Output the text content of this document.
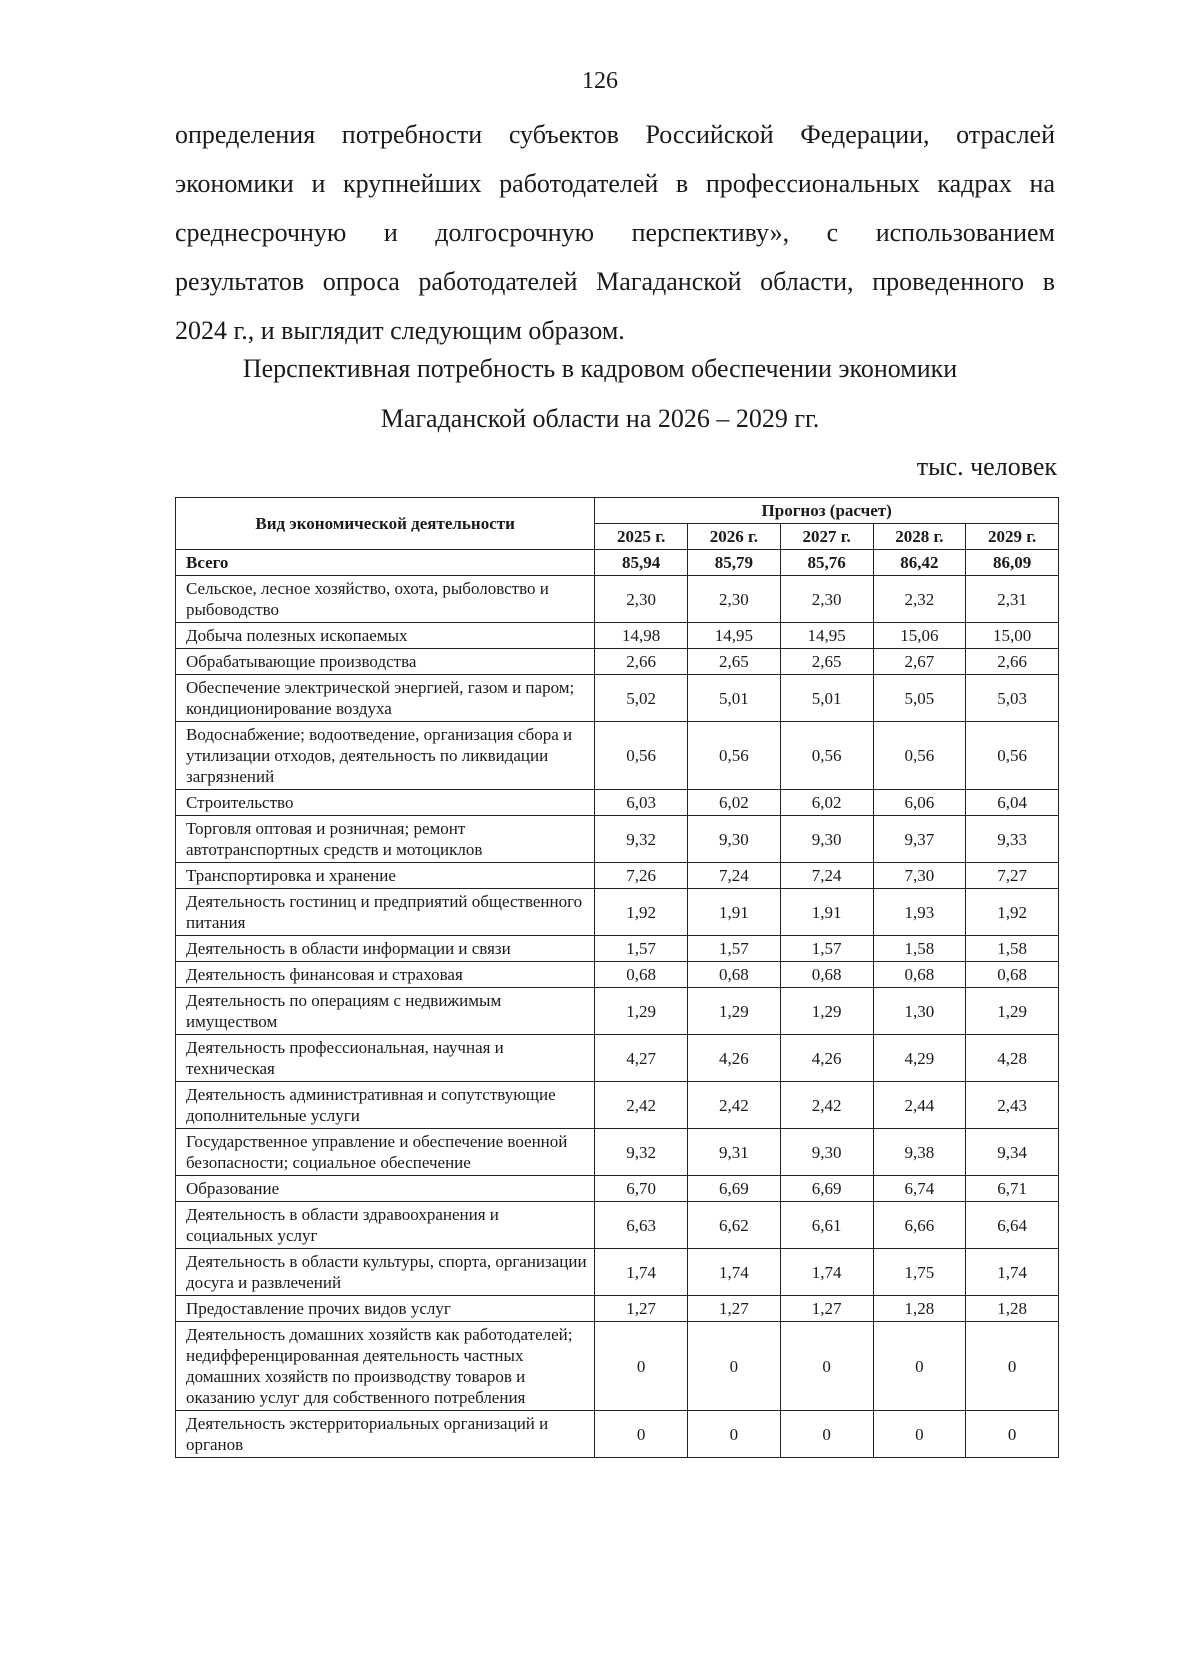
126
определения потребности субъектов Российской Федерации, отраслей
экономики и крупнейших работодателей в профессиональных кадрах на
среднесрочную и долгосрочную перспективу», с использованием
результатов опроса работодателей Магаданской области, проведенного в
2024 г., и выглядит следующим образом.
Перспективная потребность в кадровом обеспечении экономики
Магаданской области на 2026 – 2029 гг.
тыс. человек
Вид экономической деятельности	Прогноз (расчет)				
	2025 г.	2026 г.	2027 г.	2028 г.	2029 г.
Всего	85,94	85,79	85,76	86,42	86,09
Сельское, лесное хозяйство, охота, рыболовство и рыбоводство	2,30	2,30	2,30	2,32	2,31
Добыча полезных ископаемых	14,98	14,95	14,95	15,06	15,00
Обрабатывающие производства	2,66	2,65	2,65	2,67	2,66
Обеспечение электрической энергией, газом и паром; кондиционирование воздуха	5,02	5,01	5,01	5,05	5,03
Водоснабжение; водоотведение, организация сбора и утилизации отходов, деятельность по ликвидации загрязнений	0,56	0,56	0,56	0,56	0,56
Строительство	6,03	6,02	6,02	6,06	6,04
Торговля оптовая и розничная; ремонт автотранспортных средств и мотоциклов	9,32	9,30	9,30	9,37	9,33
Транспортировка и хранение	7,26	7,24	7,24	7,30	7,27
Деятельность гостиниц и предприятий общественного питания	1,92	1,91	1,91	1,93	1,92
Деятельность в области информации и связи	1,57	1,57	1,57	1,58	1,58
Деятельность финансовая и страховая	0,68	0,68	0,68	0,68	0,68
Деятельность по операциям с недвижимым имуществом	1,29	1,29	1,29	1,30	1,29
Деятельность профессиональная, научная и техническая	4,27	4,26	4,26	4,29	4,28
Деятельность административная и сопутствующие дополнительные услуги	2,42	2,42	2,42	2,44	2,43
Государственное управление и обеспечение военной безопасности; социальное обеспечение	9,32	9,31	9,30	9,38	9,34
Образование	6,70	6,69	6,69	6,74	6,71
Деятельность в области здравоохранения и социальных услуг	6,63	6,62	6,61	6,66	6,64
Деятельность в области культуры, спорта, организации досуга и развлечений	1,74	1,74	1,74	1,75	1,74
Предоставление прочих видов услуг	1,27	1,27	1,27	1,28	1,28
Деятельность домашних хозяйств как работодателей; недифференцированная деятельность частных домашних хозяйств по производству товаров и оказанию услуг для собственного потребления	0	0	0	0	0
Деятельность экстерриториальных организаций и органов	0	0	0	0	0
